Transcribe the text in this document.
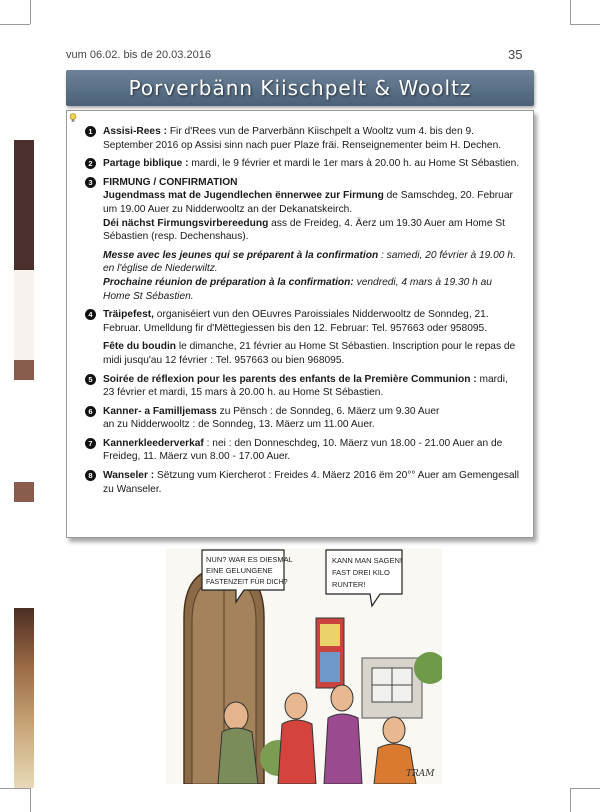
vum 06.02. bis de 20.03.2016	35
Porverbänn Kiischpelt & Wooltz
1	Assisi-Rees : Fir d'Rees vun de Parverbänn Kiischpelt a Wooltz vum 4. bis den 9. September 2016 op Assisi sinn nach puer Plaze fräi. Renseignementer beim H. Dechen.

2	Partage biblique : mardi, le 9 février et mardi le 1er mars à 20.00 h. au Home St Sébastien.

3	FIRMUNG / CONFIRMATION

Jugendmass mat de Jugendlechen ënnerwee zur Firmung de Samschdeg, 20. Februar um 19.00 Auer zu Nidderwooltz an der Dekanatskeirch.

Déi nächst Firmungsvirbereedung ass de Freideg, 4. Äerz um 19.30 Auer am Home St Sébastien (resp. Dechenshaus).

Messe avec les jeunes qui se préparent à la confirmation : samedi, 20 février à 19.00 h. en l'église de Niederwiltz.

Prochaine réunion de préparation à la confirmation: vendredi, 4 mars à 19.30 h au Home St Sébastien.

4	Träipefest, organiséiert vun den OEuvres Paroissiales Nidderwooltz de Sonndeg, 21. Februar. Umelldung fir d'Mëttegiessen bis den 12. Februar: Tel. 957663 oder 958095.

Fête du boudin le dimanche, 21 février au Home St Sébastien. Inscription pour le repas de midi jusqu'au 12 février : Tel. 957663 ou bien 968095.

5	Soirée de réflexion pour les parents des enfants de la Première Communion : mardi, 23 février et mardi, 15 mars à 20.00 h. au Home St Sébastien.

6	Kanner- a Familljemass zu Pënsch : de Sonndeg, 6. Mäerz um 9.30 Auer

an zu Nidderwooltz : de Sonndeg, 13. Mäerz um 11.00 Auer.

7	Kannerkleederverkaf : nei : den Donneschdeg, 10. Mäerz vun 18.00 - 21.00 Auer an de Freideg, 11. Mäerz vun 8.00 - 17.00 Auer.

8	Wanseler : Sëtzung vum Kiercherot : Freides 4. Mäerz 2016 ëm 20°° Auer am Gemengesall zu Wanseler.

NUN? WAR ES DIESMAL
EINE GELUNGENE
FASTENZEIT FÜR DICH?
KANN MAN SAGEN!
FAST DREI KILO
RUNTER!
TRAM
